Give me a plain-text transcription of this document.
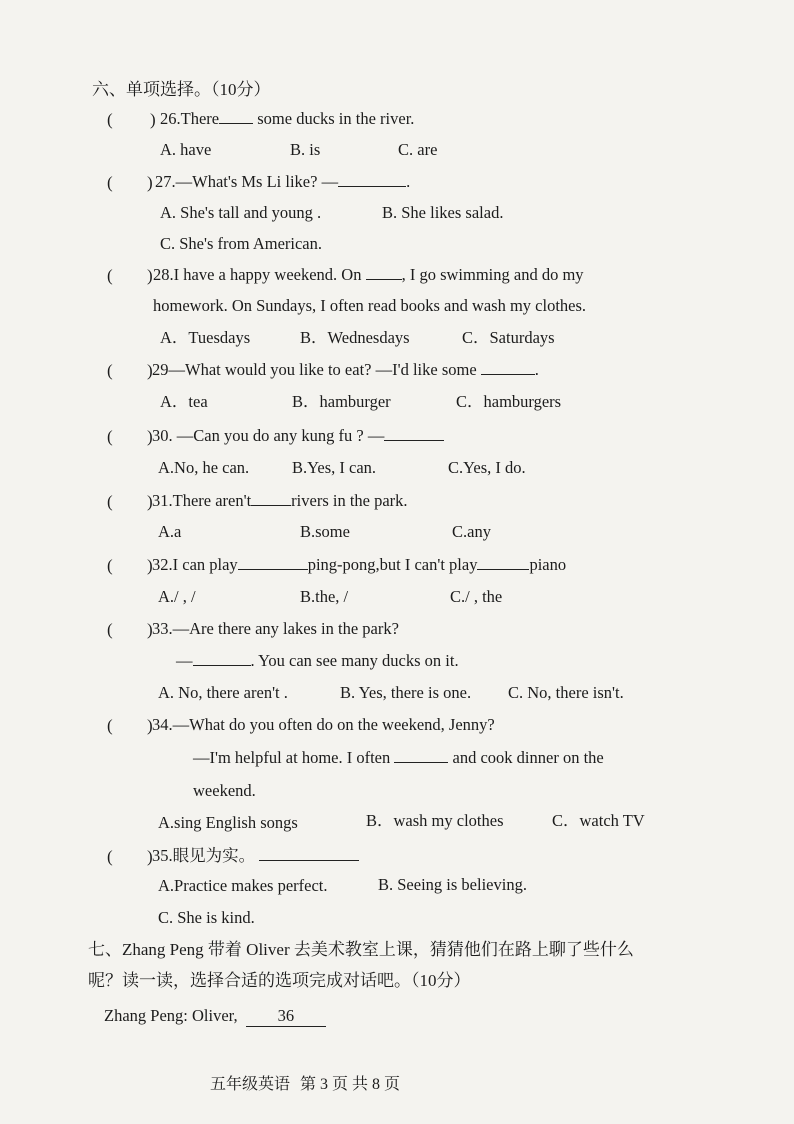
六、单项选择。（10分）
( ) 26.There some ducks in the river.
A. have	B. is	C. are
( ) 27.—What's Ms Li like? —	.
A. She's tall and young .	B. She likes salad.
C. She's from American.
( ) 28.I have a happy weekend. On , I go swimming and do my
homework. On Sundays, I often read books and wash my clothes.
A．Tuesdays	B．Wednesdays	C．Saturdays
( ) 29—What would you like to eat? —I'd like some	.
A．tea	B．hamburger	C．hamburgers
( ) 30. —Can you do any kung fu ? —
A.No, he can.	B.Yes, I can.	C.Yes, I do.
( ) 31.There aren't rivers in the park.
A.a	B.some	C.any
( ) 32.I can play	ping-pong,but I can't play	piano
A./ , /	B.the, /	C./ , the
( ) 33.—Are there any lakes in the park?
—	. You can see many ducks on it.
A. No, there aren't .	B. Yes, there is one. C. No, there isn't.
( ) 34.—What do you often do on the weekend, Jenny?
—I'm helpful at home. I often	and cook dinner on the
weekend.
A.sing English songs	B．wash my clothes	C．watch TV
( ) 35.眼见为实。
A.Practice makes perfect.	B. Seeing is believing.
C. She is kind.
七、Zhang Peng 带着 Oliver 去美术教室上课，猜猜他们在路上聊了些什么
呢？读一读，选择合适的选项完成对话吧。（10分）
Zhang Peng: Oliver, 36
五年级英语 第 3 页 共 8 页
